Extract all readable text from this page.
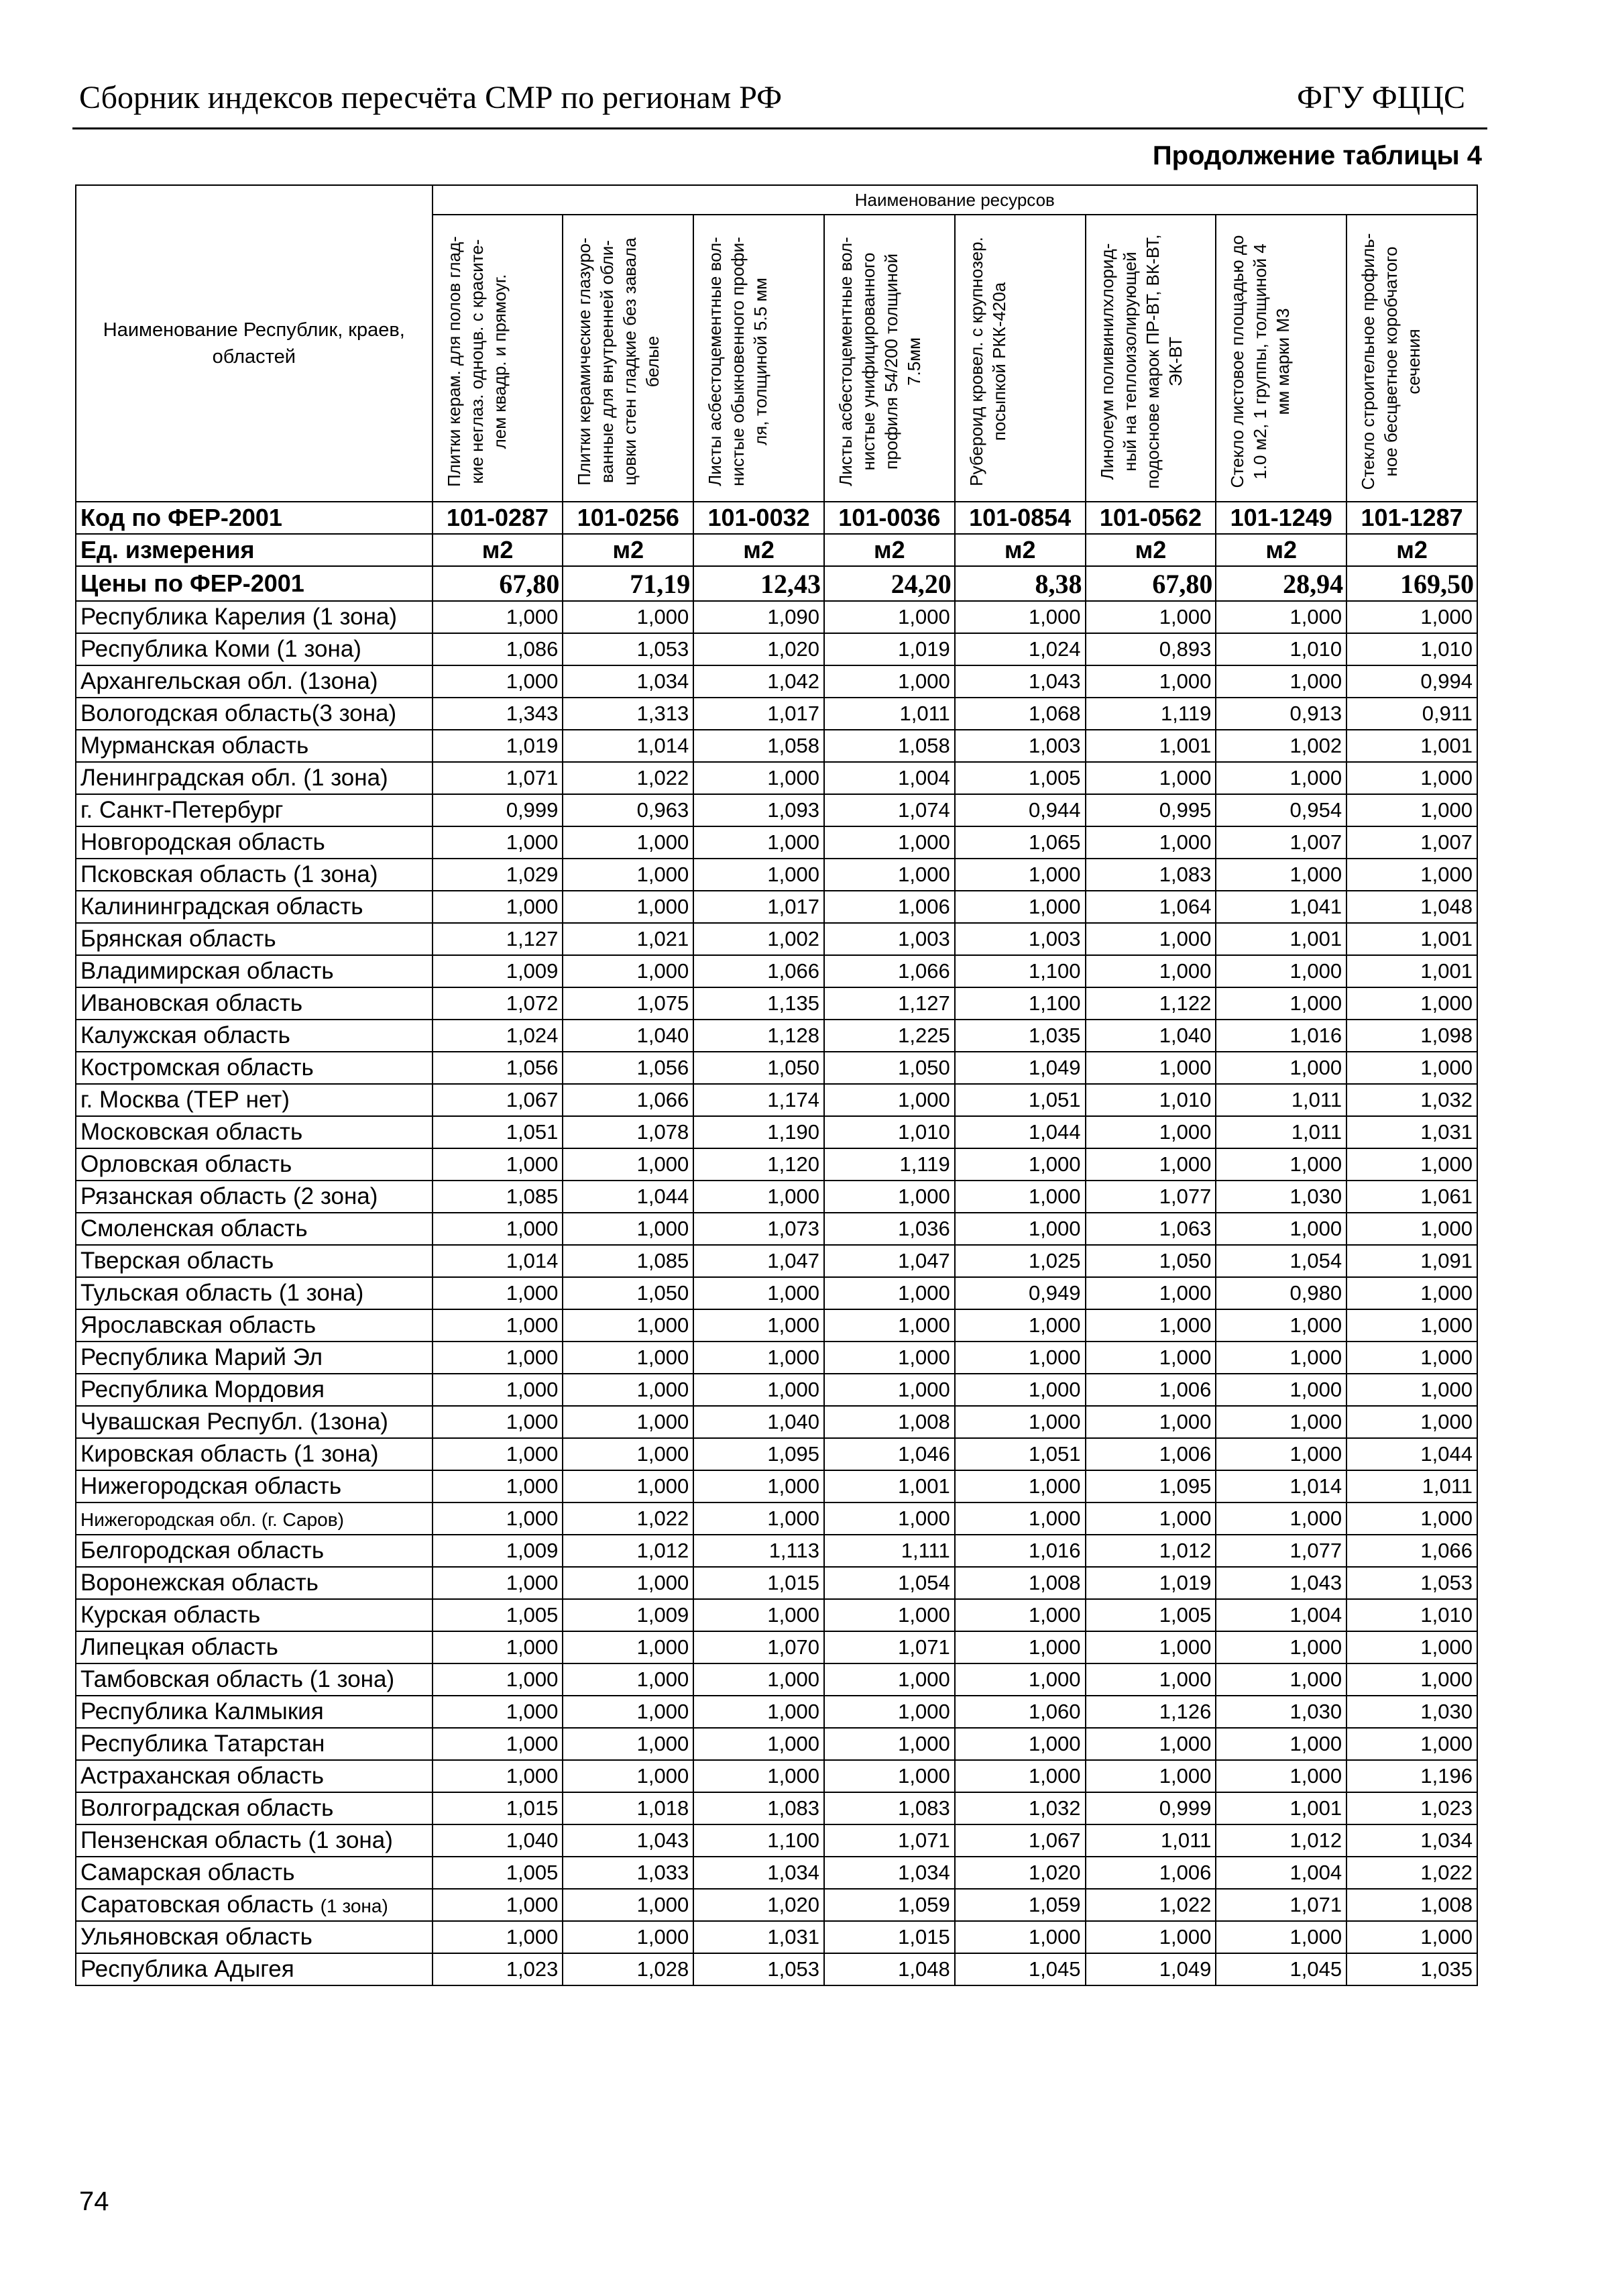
Сборник индексов пересчёта СМР по регионам РФ	ФГУ ФЦЦС
Продолжение таблицы 4
Наименование Республик, краев, областей	Наименование ресурсов							

	Плитки керам. для полов глад-кие неглаз. одноцв. с красите-лем квадр. и прямоуг.	Плитки керамические глазуро-ванные для внутренней обли-цовки стен гладкие без завала белые	Листы асбестоцементные вол-нистые обыкновенного профи-ля, толщиной 5.5 мм	Листы асбестоцементные вол-нистые унифицированного профиля 54/200 толщиной 7.5мм	Рубероид кровел. с крупнозер. посыпкой РКК-420а	Линолеум поливинилхлорид-ный на теплоизолирующей подоснове марок ПР-ВТ, ВК-ВТ, ЭК-ВТ	Стекло листовое площадью до 1.0 м2, 1 группы, толщиной 4 мм марки М3	Стекло строительное профиль-ное бесцветное коробчатого сечения

Код по ФЕР-2001	101-0287	101-0256	101-0032	101-0036	101-0854	101-0562	101-1249	101-1287
Ед. измерения	м2	м2	м2	м2	м2	м2	м2	м2
Цены по ФЕР-2001	67,80	71,19	12,43	24,20	8,38	67,80	28,94	169,50
Республика Карелия (1 зона)	1,000	1,000	1,090	1,000	1,000	1,000	1,000	1,000
Республика Коми (1 зона)	1,086	1,053	1,020	1,019	1,024	0,893	1,010	1,010
Архангельская обл. (1зона)	1,000	1,034	1,042	1,000	1,043	1,000	1,000	0,994
Вологодская область(3 зона)	1,343	1,313	1,017	1,011	1,068	1,119	0,913	0,911
Мурманская область	1,019	1,014	1,058	1,058	1,003	1,001	1,002	1,001
Ленинградская обл. (1 зона)	1,071	1,022	1,000	1,004	1,005	1,000	1,000	1,000
г. Санкт-Петербург	0,999	0,963	1,093	1,074	0,944	0,995	0,954	1,000
Новгородская область	1,000	1,000	1,000	1,000	1,065	1,000	1,007	1,007
Псковская область (1 зона)	1,029	1,000	1,000	1,000	1,000	1,083	1,000	1,000
Калининградская область	1,000	1,000	1,017	1,006	1,000	1,064	1,041	1,048
Брянская область	1,127	1,021	1,002	1,003	1,003	1,000	1,001	1,001
Владимирская область	1,009	1,000	1,066	1,066	1,100	1,000	1,000	1,001
Ивановская область	1,072	1,075	1,135	1,127	1,100	1,122	1,000	1,000
Калужская область	1,024	1,040	1,128	1,225	1,035	1,040	1,016	1,098
Костромская область	1,056	1,056	1,050	1,050	1,049	1,000	1,000	1,000
г. Москва (ТЕР нет)	1,067	1,066	1,174	1,000	1,051	1,010	1,011	1,032
Московская область	1,051	1,078	1,190	1,010	1,044	1,000	1,011	1,031
Орловская область	1,000	1,000	1,120	1,119	1,000	1,000	1,000	1,000
Рязанская область (2 зона)	1,085	1,044	1,000	1,000	1,000	1,077	1,030	1,061
Смоленская область	1,000	1,000	1,073	1,036	1,000	1,063	1,000	1,000
Тверская область	1,014	1,085	1,047	1,047	1,025	1,050	1,054	1,091
Тульская область (1 зона)	1,000	1,050	1,000	1,000	0,949	1,000	0,980	1,000
Ярославская область	1,000	1,000	1,000	1,000	1,000	1,000	1,000	1,000
Республика Марий Эл	1,000	1,000	1,000	1,000	1,000	1,000	1,000	1,000
Республика Мордовия	1,000	1,000	1,000	1,000	1,000	1,006	1,000	1,000
Чувашская Республ. (1зона)	1,000	1,000	1,040	1,008	1,000	1,000	1,000	1,000
Кировская область (1 зона)	1,000	1,000	1,095	1,046	1,051	1,006	1,000	1,044
Нижегородская область	1,000	1,000	1,000	1,001	1,000	1,095	1,014	1,011
Нижегородская обл. (г. Саров)	1,000	1,022	1,000	1,000	1,000	1,000	1,000	1,000
Белгородская область	1,009	1,012	1,113	1,111	1,016	1,012	1,077	1,066
Воронежская область	1,000	1,000	1,015	1,054	1,008	1,019	1,043	1,053
Курская область	1,005	1,009	1,000	1,000	1,000	1,005	1,004	1,010
Липецкая область	1,000	1,000	1,070	1,071	1,000	1,000	1,000	1,000
Тамбовская область (1 зона)	1,000	1,000	1,000	1,000	1,000	1,000	1,000	1,000
Республика Калмыкия	1,000	1,000	1,000	1,000	1,060	1,126	1,030	1,030
Республика Татарстан	1,000	1,000	1,000	1,000	1,000	1,000	1,000	1,000
Астраханская область	1,000	1,000	1,000	1,000	1,000	1,000	1,000	1,196
Волгоградская область	1,015	1,018	1,083	1,083	1,032	0,999	1,001	1,023
Пензенская область (1 зона)	1,040	1,043	1,100	1,071	1,067	1,011	1,012	1,034
Самарская область	1,005	1,033	1,034	1,034	1,020	1,006	1,004	1,022
Саратовская область (1 зона)	1,000	1,000	1,020	1,059	1,059	1,022	1,071	1,008
Ульяновская область	1,000	1,000	1,031	1,015	1,000	1,000	1,000	1,000
Республика Адыгея	1,023	1,028	1,053	1,048	1,045	1,049	1,045	1,035
74
